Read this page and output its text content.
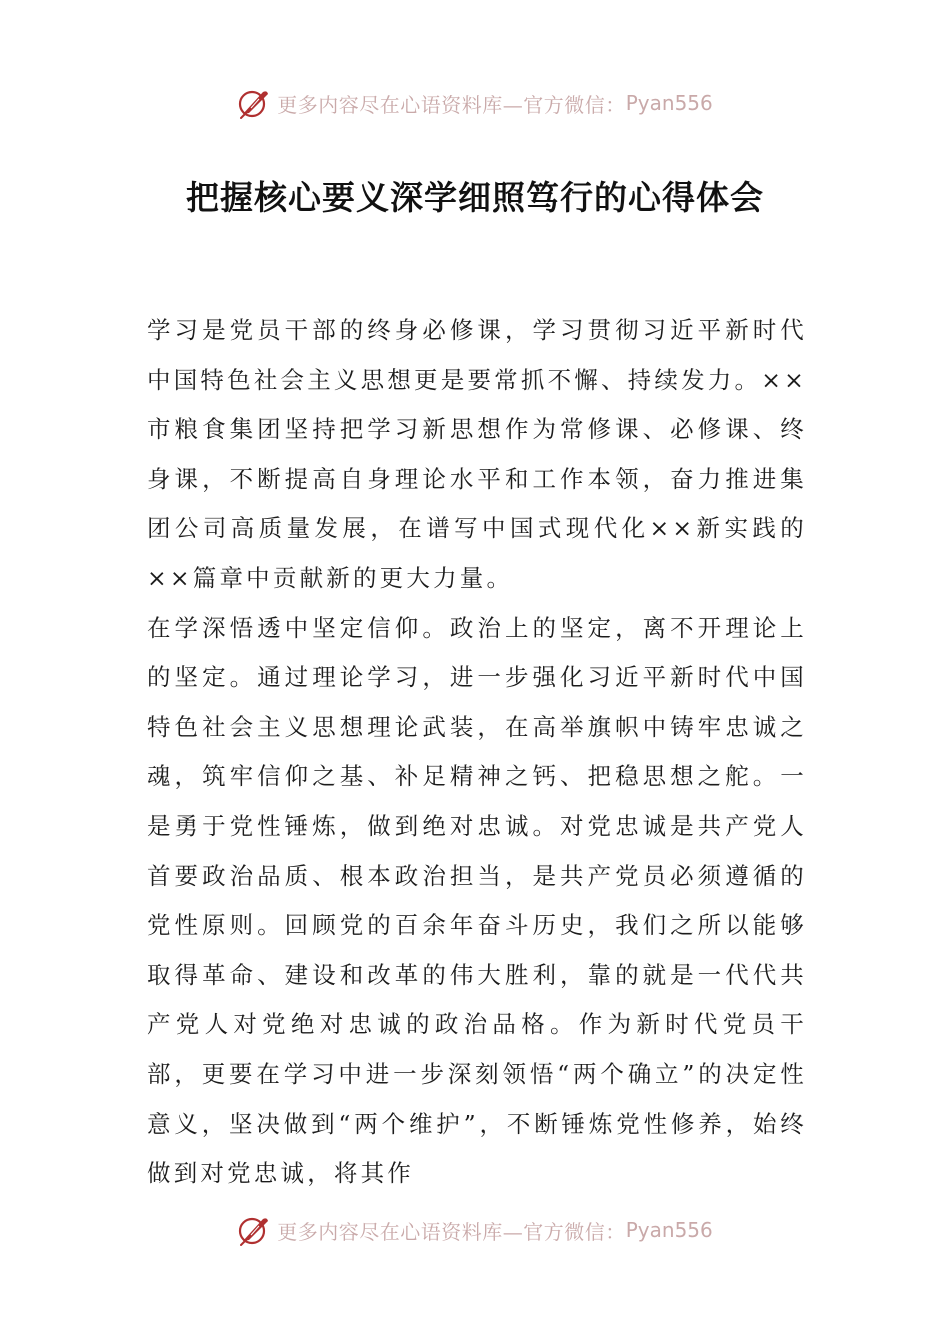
更多内容尽在心语资料库—官方微信： Pyan556
把握核心要义深学细照笃行的心得体会

学习是党员干部的终身必修课，学习贯彻习近平新时代中国特色社会主义思想更是要常抓不懈、持续发力。××市粮食集团坚持把学习新思想作为常修课、必修课、终身课，不断提高自身理论水平和工作本领，奋力推进集团公司高质量发展，在谱写中国式现代化××新实践的××篇章中贡献新的更大力量。

在学深悟透中坚定信仰。政治上的坚定，离不开理论上的坚定。通过理论学习，进一步强化习近平新时代中国特色社会主义思想理论武装，在高举旗帜中铸牢忠诚之魂，筑牢信仰之基、补足精神之钙、把稳思想之舵。一是勇于党性锤炼，做到绝对忠诚。对党忠诚是共产党人首要政治品质、根本政治担当，是共产党员必须遵循的党性原则。回顾党的百余年奋斗历史，我们之所以能够取得革命、建设和改革的伟大胜利，靠的就是一代代共产党人对党绝对忠诚的政治品格。作为新时代党员干部，更要在学习中进一步深刻领悟“两个确立”的决定性意义，坚决做到“两个维护”，不断锤炼党性修养，始终做到对党忠诚，将其作

更多内容尽在心语资料库—官方微信： Pyan556
